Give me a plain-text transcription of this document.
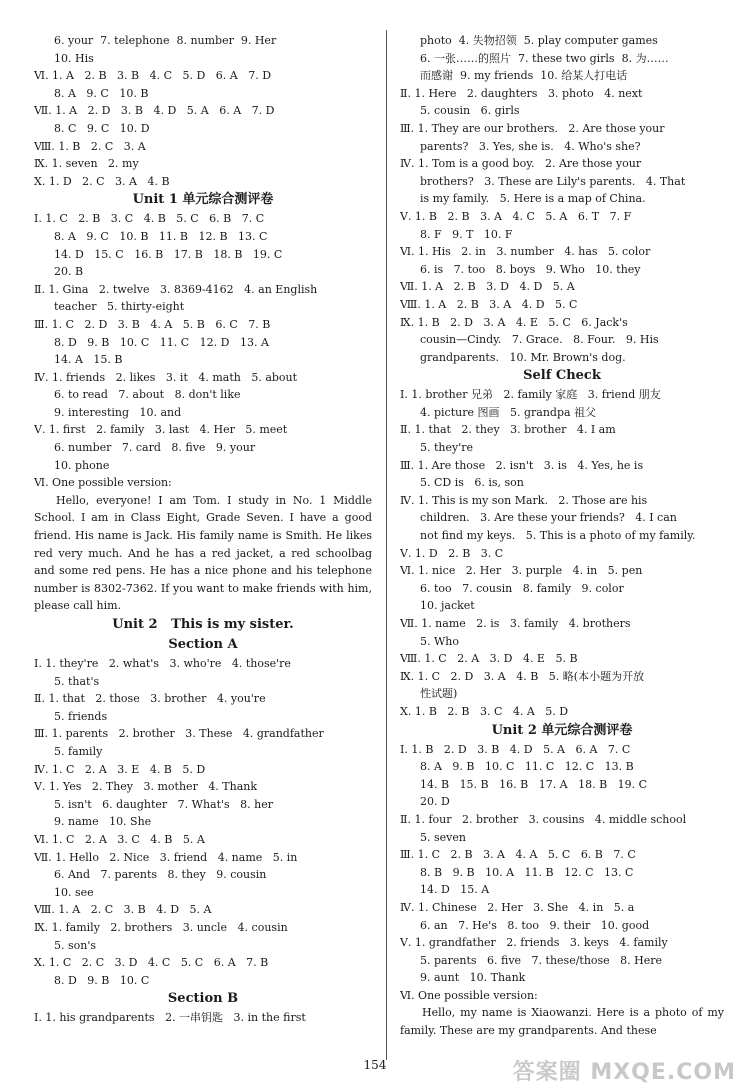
6. your  7. telephone  8. number  9. Her
10. His
Ⅵ. 1. A   2. B   3. B   4. C   5. D   6. A   7. D
8. A   9. C   10. B
Ⅶ. 1. A   2. D   3. B   4. D   5. A   6. A   7. D
8. C   9. C   10. D
Ⅷ. 1. B   2. C   3. A
Ⅸ. 1. seven   2. my
Ⅹ. 1. D   2. C   3. A   4. B
Unit 1 单元综合测评卷
Ⅰ. 1. C   2. B   3. C   4. B   5. C   6. B   7. C
8. A   9. C   10. B   11. B   12. B   13. C
14. D   15. C   16. B   17. B   18. B   19. C
20. B
Ⅱ. 1. Gina   2. twelve   3. 8369-4162   4. an English
teacher   5. thirty-eight
Ⅲ. 1. C   2. D   3. B   4. A   5. B   6. C   7. B
8. D   9. B   10. C   11. C   12. D   13. A
14. A   15. B
Ⅳ. 1. friends   2. likes   3. it   4. math   5. about
6. to read   7. about   8. don't like
9. interesting   10. and
Ⅴ. 1. first   2. family   3. last   4. Her   5. meet
6. number   7. card   8. five   9. your
10. phone
Ⅵ. One possible version:
Hello, everyone! I am Tom. I study in No. 1 Middle School. I am in Class Eight, Grade Seven. I have a good friend. His name is Jack. His family name is Smith. He likes red very much. And he has a red jacket, a red schoolbag and some red pens. He has a nice phone and his telephone number is 8302-7362. If you want to make friends with him, please call him.
Unit 2   This is my sister.
Section A
Ⅰ. 1. they're   2. what's   3. who're   4. those're
5. that's
Ⅱ. 1. that   2. those   3. brother   4. you're
5. friends
Ⅲ. 1. parents   2. brother   3. These   4. grandfather
5. family
Ⅳ. 1. C   2. A   3. E   4. B   5. D
Ⅴ. 1. Yes   2. They   3. mother   4. Thank
5. isn't   6. daughter   7. What's   8. her
9. name   10. She
Ⅵ. 1. C   2. A   3. C   4. B   5. A
Ⅶ. 1. Hello   2. Nice   3. friend   4. name   5. in
6. And   7. parents   8. they   9. cousin
10. see
Ⅷ. 1. A   2. C   3. B   4. D   5. A
Ⅸ. 1. family   2. brothers   3. uncle   4. cousin
5. son's
Ⅹ. 1. C   2. C   3. D   4. C   5. C   6. A   7. B
8. D   9. B   10. C
Section B
Ⅰ. 1. his grandparents   2. 一串钥匙   3. in the first
photo  4. 失物招领  5. play computer games
6. 一张……的照片  7. these two girls  8. 为……
而感谢  9. my friends  10. 给某人打电话
Ⅱ. 1. Here   2. daughters   3. photo   4. next
5. cousin   6. girls
Ⅲ. 1. They are our brothers.   2. Are those your
parents?   3. Yes, she is.   4. Who's she?
Ⅳ. 1. Tom is a good boy.   2. Are those your
brothers?   3. These are Lily's parents.   4. That
is my family.   5. Here is a map of China.
Ⅴ. 1. B   2. B   3. A   4. C   5. A   6. T   7. F
8. F   9. T   10. F
Ⅵ. 1. His   2. in   3. number   4. has   5. color
6. is   7. too   8. boys   9. Who   10. they
Ⅶ. 1. A   2. B   3. D   4. D   5. A
Ⅷ. 1. A   2. B   3. A   4. D   5. C
Ⅸ. 1. B   2. D   3. A   4. E   5. C   6. Jack's
cousin—Cindy.   7. Grace.   8. Four.   9. His
grandparents.   10. Mr. Brown's dog.
Self Check
Ⅰ. 1. brother 兄弟   2. family 家庭   3. friend 朋友
4. picture 图画   5. grandpa 祖父
Ⅱ. 1. that   2. they   3. brother   4. I am
5. they're
Ⅲ. 1. Are those   2. isn't   3. is   4. Yes, he is
5. CD is   6. is, son
Ⅳ. 1. This is my son Mark.   2. Those are his
children.   3. Are these your friends?   4. I can
not find my keys.   5. This is a photo of my family.
Ⅴ. 1. D   2. B   3. C
Ⅵ. 1. nice   2. Her   3. purple   4. in   5. pen
6. too   7. cousin   8. family   9. color
10. jacket
Ⅶ. 1. name   2. is   3. family   4. brothers
5. Who
Ⅷ. 1. C   2. A   3. D   4. E   5. B
Ⅸ. 1. C   2. D   3. A   4. B   5. 略(本小题为开放
性试题)
Ⅹ. 1. B   2. B   3. C   4. A   5. D
Unit 2 单元综合测评卷
Ⅰ. 1. B   2. D   3. B   4. D   5. A   6. A   7. C
8. A   9. B   10. C   11. C   12. C   13. B
14. B   15. B   16. B   17. A   18. B   19. C
20. D
Ⅱ. 1. four   2. brother   3. cousins   4. middle school
5. seven
Ⅲ. 1. C   2. B   3. A   4. A   5. C   6. B   7. C
8. B   9. B   10. A   11. B   12. C   13. C
14. D   15. A
Ⅳ. 1. Chinese   2. Her   3. She   4. in   5. a
6. an   7. He's   8. too   9. their   10. good
Ⅴ. 1. grandfather   2. friends   3. keys   4. family
5. parents   6. five   7. these/those   8. Here
9. aunt   10. Thank
Ⅵ. One possible version:
Hello, my name is Xiaowanzi. Here is a photo of my family. These are my grandparents. And these
154	答案圈 MXQE.COM
